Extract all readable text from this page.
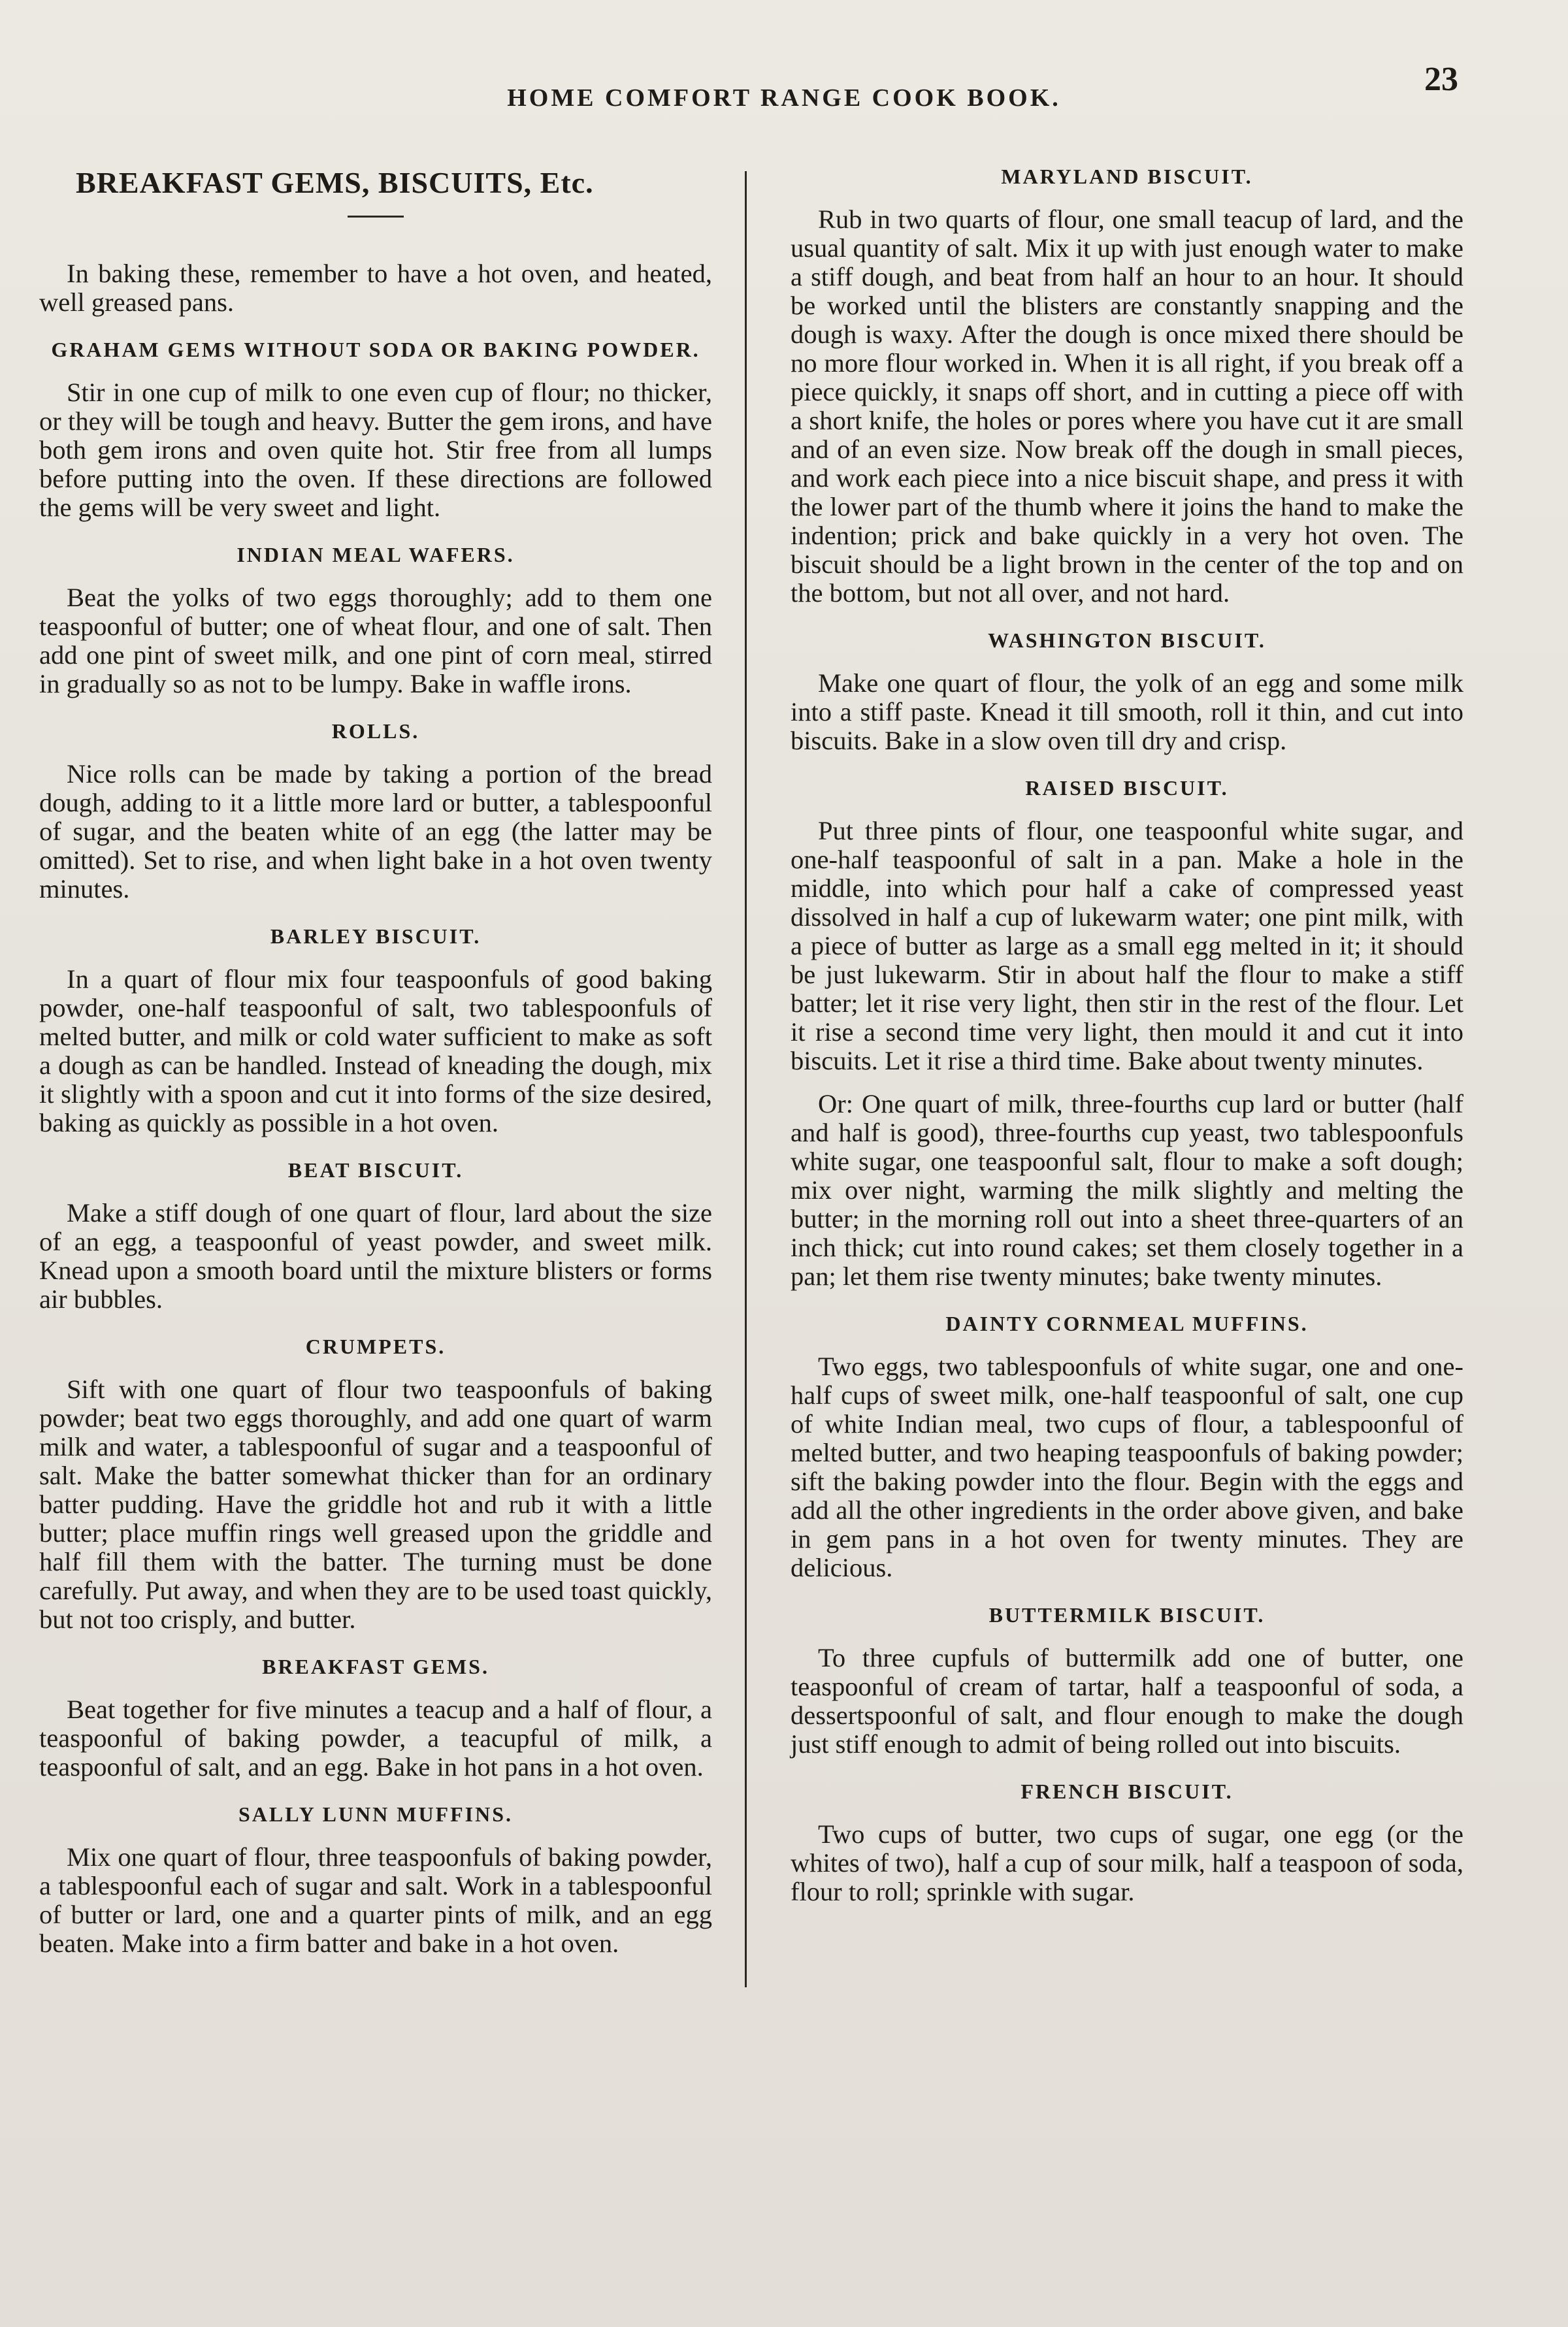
HOME COMFORT RANGE COOK BOOK.	23
BREAKFAST GEMS, BISCUITS, Etc.

In baking these, remember to have a hot oven, and heated, well greased pans.

GRAHAM GEMS WITHOUT SODA OR BAKING POWDER.

Stir in one cup of milk to one even cup of flour; no thicker, or they will be tough and heavy. Butter the gem irons, and have both gem irons and oven quite hot. Stir free from all lumps before putting into the oven. If these directions are followed the gems will be very sweet and light.

INDIAN MEAL WAFERS.

Beat the yolks of two eggs thoroughly; add to them one teaspoonful of butter; one of wheat flour, and one of salt. Then add one pint of sweet milk, and one pint of corn meal, stirred in gradually so as not to be lumpy. Bake in waffle irons.

ROLLS.

Nice rolls can be made by taking a portion of the bread dough, adding to it a little more lard or butter, a tablespoonful of sugar, and the beaten white of an egg (the latter may be omitted). Set to rise, and when light bake in a hot oven twenty minutes.

BARLEY BISCUIT.

In a quart of flour mix four teaspoonfuls of good baking powder, one-half teaspoonful of salt, two tablespoonfuls of melted butter, and milk or cold water sufficient to make as soft a dough as can be handled. Instead of kneading the dough, mix it slightly with a spoon and cut it into forms of the size desired, baking as quickly as possible in a hot oven.

BEAT BISCUIT.

Make a stiff dough of one quart of flour, lard about the size of an egg, a teaspoonful of yeast powder, and sweet milk. Knead upon a smooth board until the mixture blisters or forms air bubbles.

CRUMPETS.

Sift with one quart of flour two teaspoonfuls of baking powder; beat two eggs thoroughly, and add one quart of warm milk and water, a tablespoonful of sugar and a teaspoonful of salt. Make the batter somewhat thicker than for an ordinary batter pudding. Have the griddle hot and rub it with a little butter; place muffin rings well greased upon the griddle and half fill them with the batter. The turning must be done carefully. Put away, and when they are to be used toast quickly, but not too crisply, and butter.

BREAKFAST GEMS.

Beat together for five minutes a teacup and a half of flour, a teaspoonful of baking powder, a teacupful of milk, a teaspoonful of salt, and an egg. Bake in hot pans in a hot oven.

SALLY LUNN MUFFINS.

Mix one quart of flour, three teaspoonfuls of baking powder, a tablespoonful each of sugar and salt. Work in a tablespoonful of butter or lard, one and a quarter pints of milk, and an egg beaten. Make into a firm batter and bake in a hot oven.

MARYLAND BISCUIT.

Rub in two quarts of flour, one small teacup of lard, and the usual quantity of salt. Mix it up with just enough water to make a stiff dough, and beat from half an hour to an hour. It should be worked until the blisters are constantly snapping and the dough is waxy. After the dough is once mixed there should be no more flour worked in. When it is all right, if you break off a piece quickly, it snaps off short, and in cutting a piece off with a short knife, the holes or pores where you have cut it are small and of an even size. Now break off the dough in small pieces, and work each piece into a nice biscuit shape, and press it with the lower part of the thumb where it joins the hand to make the indention; prick and bake quickly in a very hot oven. The biscuit should be a light brown in the center of the top and on the bottom, but not all over, and not hard.

WASHINGTON BISCUIT.

Make one quart of flour, the yolk of an egg and some milk into a stiff paste. Knead it till smooth, roll it thin, and cut into biscuits. Bake in a slow oven till dry and crisp.

RAISED BISCUIT.

Put three pints of flour, one teaspoonful white sugar, and one-half teaspoonful of salt in a pan. Make a hole in the middle, into which pour half a cake of compressed yeast dissolved in half a cup of lukewarm water; one pint milk, with a piece of butter as large as a small egg melted in it; it should be just lukewarm. Stir in about half the flour to make a stiff batter; let it rise very light, then stir in the rest of the flour. Let it rise a second time very light, then mould it and cut it into biscuits. Let it rise a third time. Bake about twenty minutes.

Or: One quart of milk, three-fourths cup lard or butter (half and half is good), three-fourths cup yeast, two tablespoonfuls white sugar, one teaspoonful salt, flour to make a soft dough; mix over night, warming the milk slightly and melting the butter; in the morning roll out into a sheet three-quarters of an inch thick; cut into round cakes; set them closely together in a pan; let them rise twenty minutes; bake twenty minutes.

DAINTY CORNMEAL MUFFINS.

Two eggs, two tablespoonfuls of white sugar, one and one-half cups of sweet milk, one-half teaspoonful of salt, one cup of white Indian meal, two cups of flour, a tablespoonful of melted butter, and two heaping teaspoonfuls of baking powder; sift the baking powder into the flour. Begin with the eggs and add all the other ingredients in the order above given, and bake in gem pans in a hot oven for twenty minutes. They are delicious.

BUTTERMILK BISCUIT.

To three cupfuls of buttermilk add one of butter, one teaspoonful of cream of tartar, half a teaspoonful of soda, a dessertspoonful of salt, and flour enough to make the dough just stiff enough to admit of being rolled out into biscuits.

FRENCH BISCUIT.

Two cups of butter, two cups of sugar, one egg (or the whites of two), half a cup of sour milk, half a teaspoon of soda, flour to roll; sprinkle with sugar.
